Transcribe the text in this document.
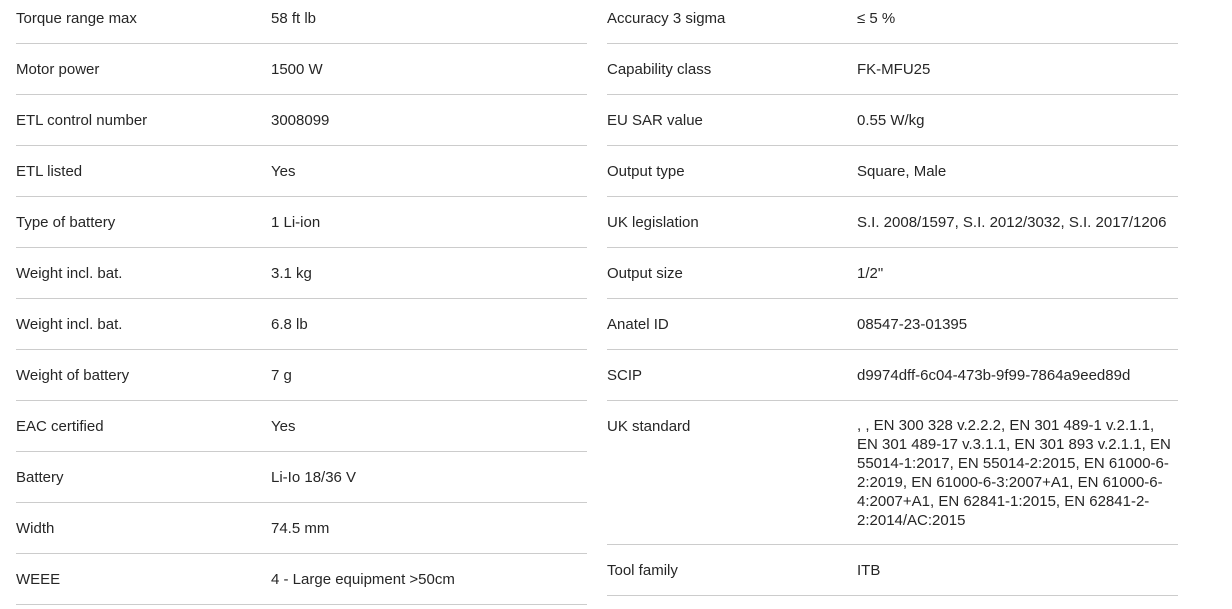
Torque range max	58 ft lb
Motor power	1500 W
ETL control number	3008099
ETL listed	Yes
Type of battery	1 Li-ion
Weight incl. bat.	3.1 kg
Weight incl. bat.	6.8 lb
Weight of battery	7 g
EAC certified	Yes
Battery	Li-Io 18/36 V
Width	74.5 mm
WEEE	4 - Large equipment >50cm
Accuracy 3 sigma	≤ 5 %
Capability class	FK-MFU25
EU SAR value	0.55 W/kg
Output type	Square, Male
UK legislation	S.I. 2008/1597, S.I. 2012/3032, S.I. 2017/1206
Output size	1/2"
Anatel ID	08547-23-01395
SCIP	d9974dff-6c04-473b-9f99-7864a9eed89d
UK standard	, , EN 300 328 v.2.2.2, EN 301 489-1 v.2.1.1, EN 301 489-17 v.3.1.1, EN 301 893 v.2.1.1, EN 55014-1:2017, EN 55014-2:2015, EN 61000-6-2:2019, EN 61000-6-3:2007+A1, EN 61000-6-4:2007+A1, EN 62841-1:2015, EN 62841-2-2:2014/AC:2015
Tool family	ITB
